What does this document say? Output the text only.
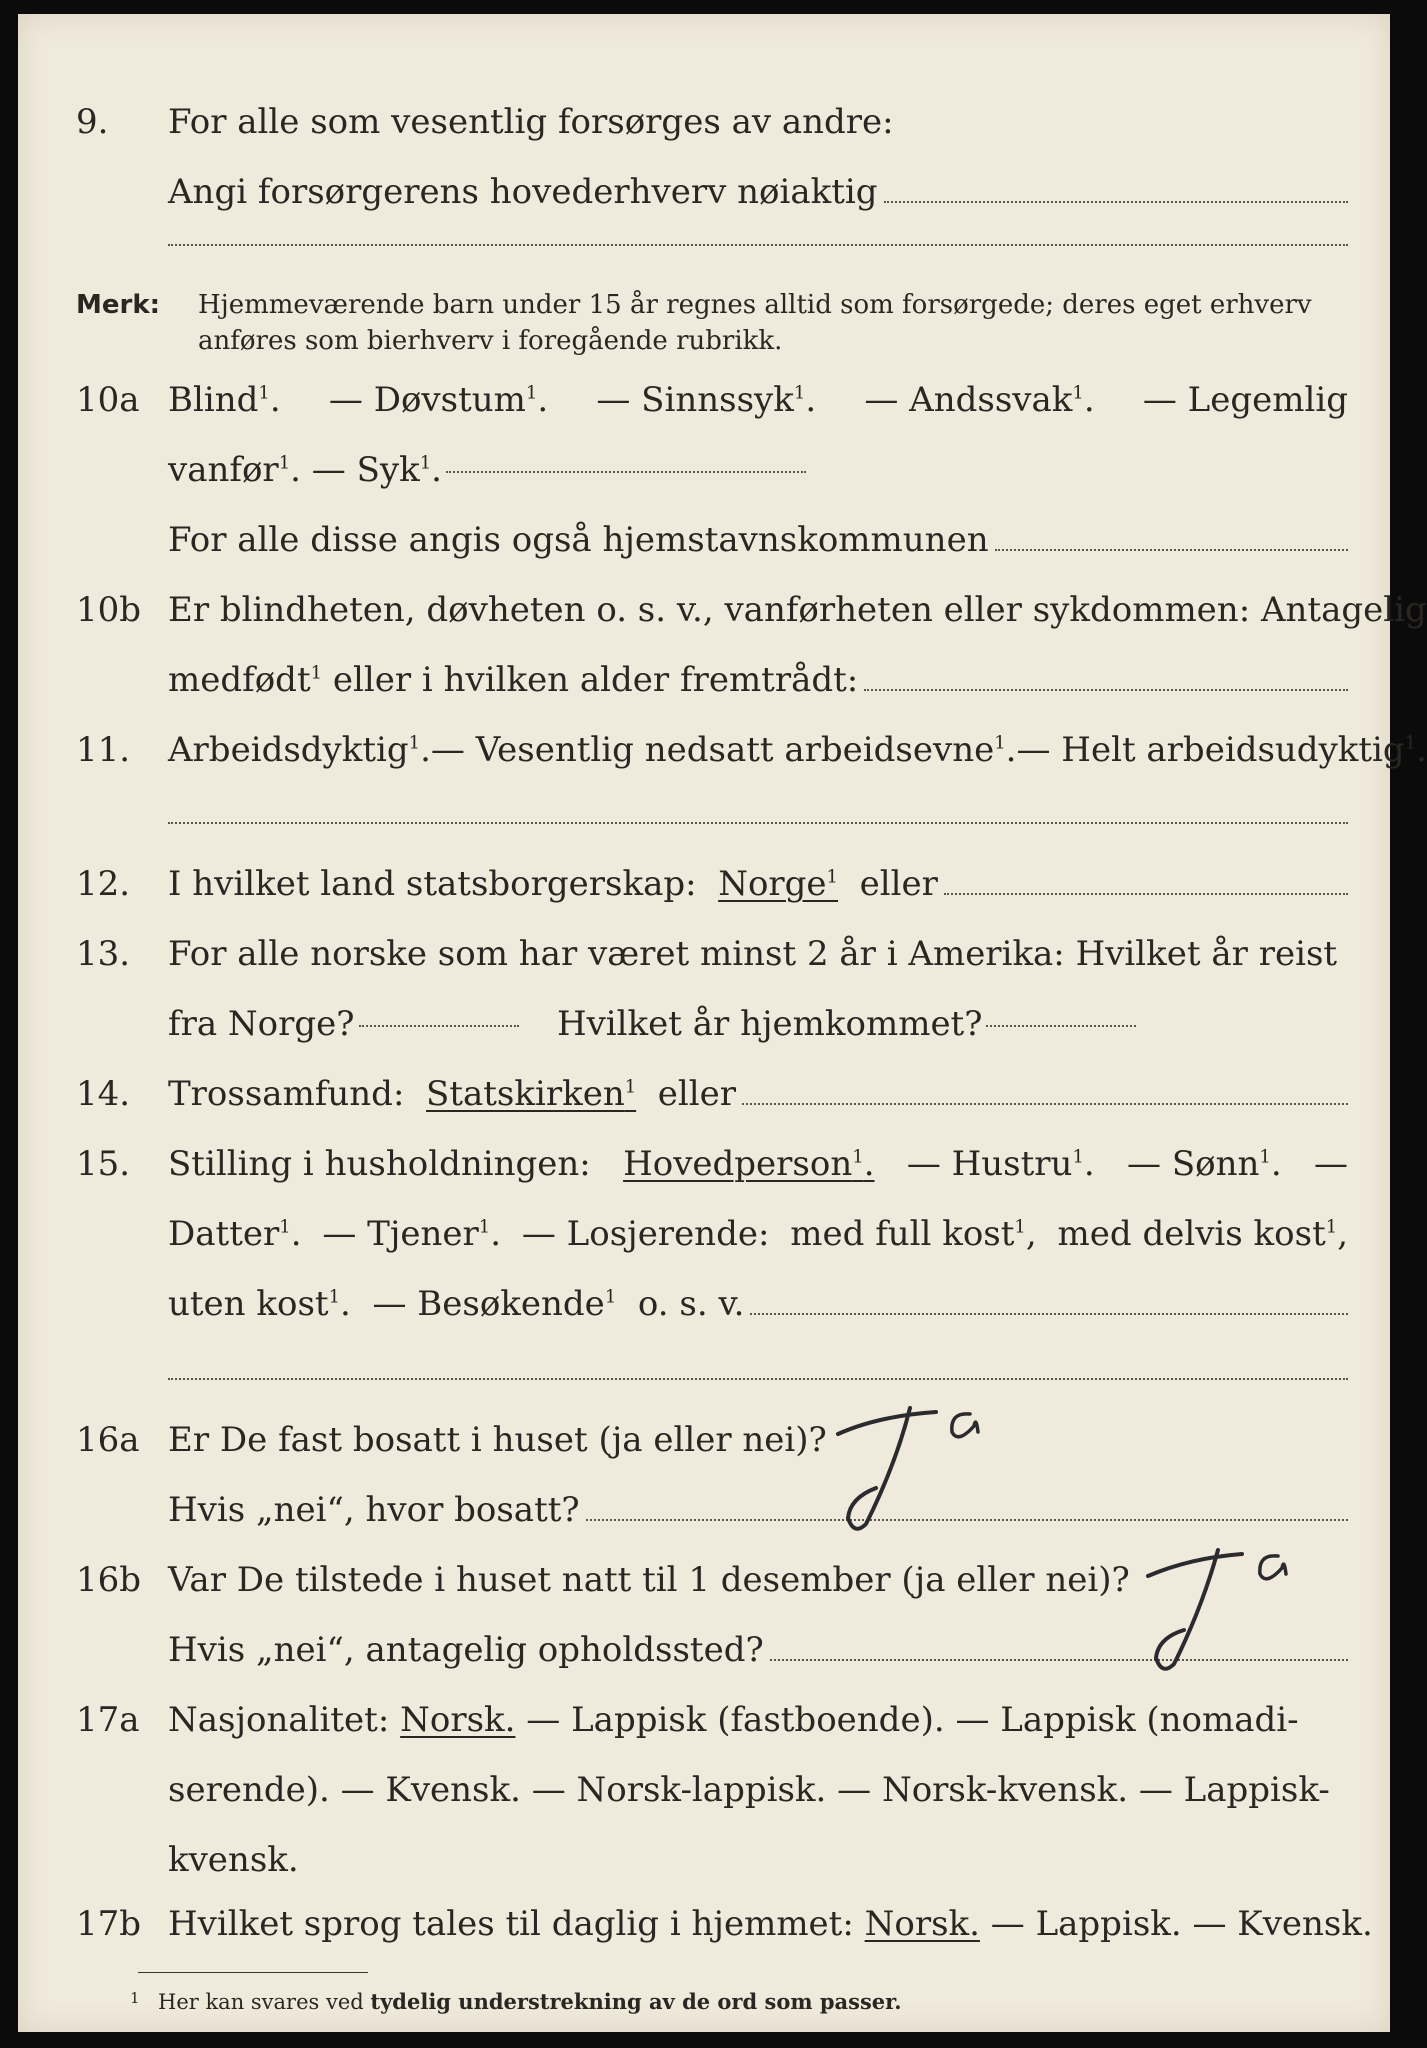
9. For alle som vesentlig forsørges av andre:
Angi forsørgerens hovederhverv nøiaktig
Merk: Hjemmeværende barn under 15 år regnes alltid som forsørgede; deres eget erhverv
anføres som bierhverv i foregående rubrikk.
10a Blind$^1$. — Døvstum$^1$. — Sinnssyk$^1$. — Andssvak$^1$. — Legemlig
vanfør$^1$. — Syk$^1$.
For alle disse angis også hjemstavnskommunen
10b Er blindheten, døvheten o. s. v., vanførheten eller sykdommen: Antagelig
medfødt$^1$
eller i hvilken alder fremtrådt:
11. Arbeidsdyktig$^1$. — Vesentlig nedsatt arbeidsevne$^1$. — Helt arbeidsudyktig$^1$.
12. I hvilket land statsborgerskap:
Norge$^1$
eller
13. For alle norske som har været minst 2 år i Amerika: Hvilket år reist
fra Norge?	Hvilket år hjemkommet?
14. Trossamfund:
Statskirken$^1$
eller
15. Stilling i husholdningen: Hovedperson$^1$. — Hustru$^1$. — Sønn$^1$. —
Datter$^1$. — Tjener$^1$. — Losjerende: med full kost$^1$, med delvis kost$^1$,
uten kost$^1$.
— Besøkende$^1$
o. s. v.
16a Er De fast bosatt i huset (ja eller nei)?
Hvis „nei“, hvor bosatt?
16b Var De tilstede i huset natt til 1 desember (ja eller nei)?
Hvis „nei“, antagelig opholdssted?
17a Nasjonalitet: Norsk. — Lappisk (fastboende). — Lappisk (nomadi-
serende). — Kvensk. — Norsk-lappisk. — Norsk-kvensk. — Lappisk-
kvensk.
17b Hvilket sprog tales til daglig i hjemmet: Norsk. — Lappisk. — Kvensk.
1 Her kan svares ved tydelig understrekning av de ord som passer.
